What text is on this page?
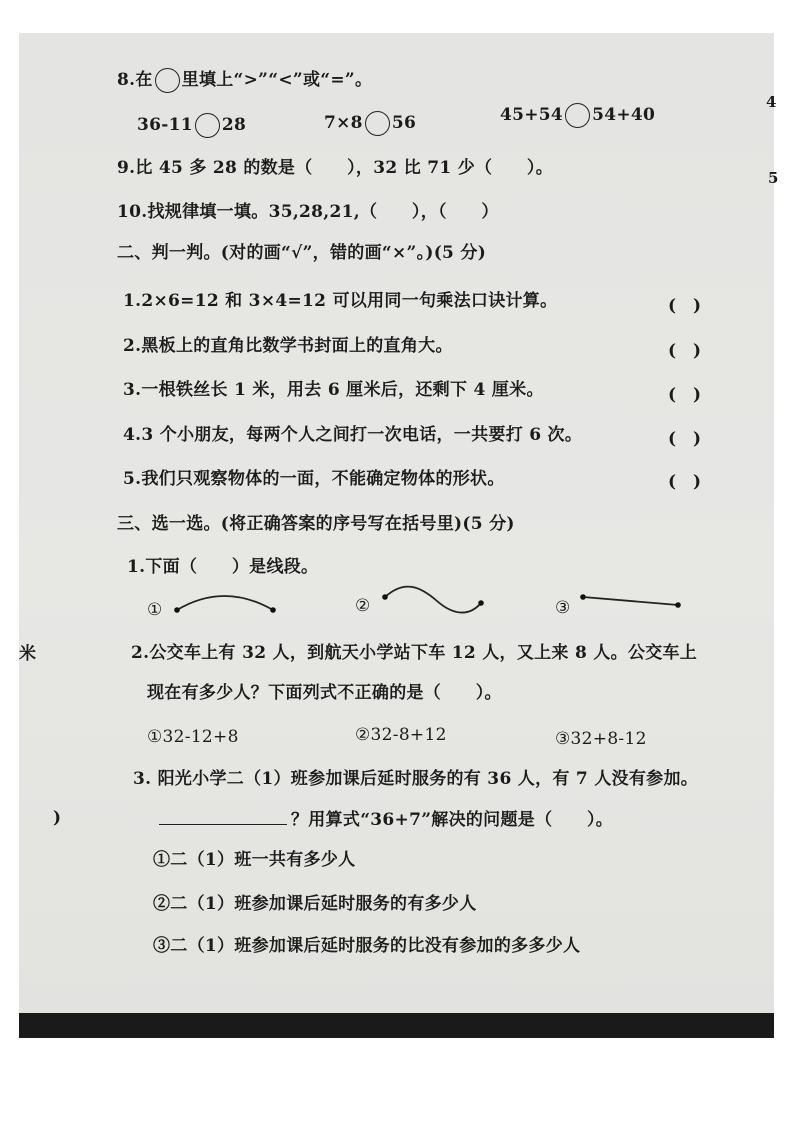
4
5
米
)
8.在 里填上“>”“<”或“=”。
36-11 28	7×8 56	45+54 54+40
9.比 45 多 28 的数是（　　），32 比 71 少（　　）。
10.找规律填一填。35,28,21,（　　），（　　）
二、判一判。(对的画“√”，错的画“×”。)(5 分)
1.2×6=12 和 3×4=12 可以用同一句乘法口诀计算。	(　)
2.黑板上的直角比数学书封面上的直角大。	(　)
3.一根铁丝长 1 米，用去 6 厘米后，还剩下 4 厘米。	(　)
4.3 个小朋友，每两个人之间打一次电话，一共要打 6 次。	(　)
5.我们只观察物体的一面，不能确定物体的形状。	(　)
三、选一选。(将正确答案的序号写在括号里)(5 分)
1.下面（　　）是线段。
①	②	③
2.公交车上有 32 人，到航天小学站下车 12 人，又上来 8 人。公交车上
现在有多少人？下面列式不正确的是（　　）。
①32-12+8	②32-8+12	③32+8-12
3. 阳光小学二（1）班参加课后延时服务的有 36 人，有 7 人没有参加。
？用算式“36+7”解决的问题是（　　）。
①二（1）班一共有多少人
②二（1）班参加课后延时服务的有多少人
③二（1）班参加课后延时服务的比没有参加的多多少人
